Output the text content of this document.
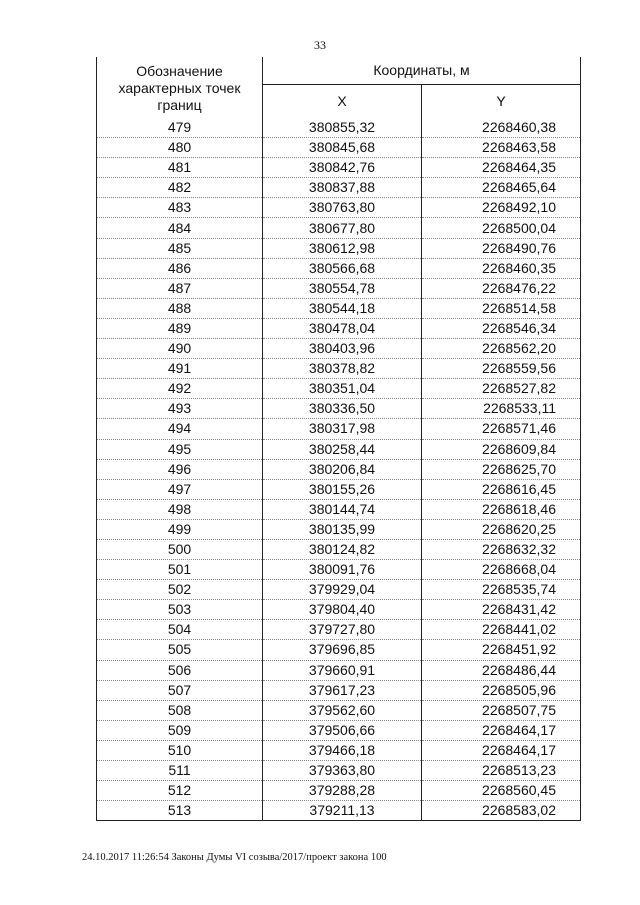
33
Обозначение характерных точек границ	Координаты, м	
	X	Y
479	380855,32	2268460,38
480	380845,68	2268463,58
481	380842,76	2268464,35
482	380837,88	2268465,64
483	380763,80	2268492,10
484	380677,80	2268500,04
485	380612,98	2268490,76
486	380566,68	2268460,35
487	380554,78	2268476,22
488	380544,18	2268514,58
489	380478,04	2268546,34
490	380403,96	2268562,20
491	380378,82	2268559,56
492	380351,04	2268527,82
493	380336,50	2268533,11
494	380317,98	2268571,46
495	380258,44	2268609,84
496	380206,84	2268625,70
497	380155,26	2268616,45
498	380144,74	2268618,46
499	380135,99	2268620,25
500	380124,82	2268632,32
501	380091,76	2268668,04
502	379929,04	2268535,74
503	379804,40	2268431,42
504	379727,80	2268441,02
505	379696,85	2268451,92
506	379660,91	2268486,44
507	379617,23	2268505,96
508	379562,60	2268507,75
509	379506,66	2268464,17
510	379466,18	2268464,17
511	379363,80	2268513,23
512	379288,28	2268560,45
513	379211,13	2268583,02
24.10.2017 11:26:54 Законы Думы VI созыва/2017/проект закона 100
